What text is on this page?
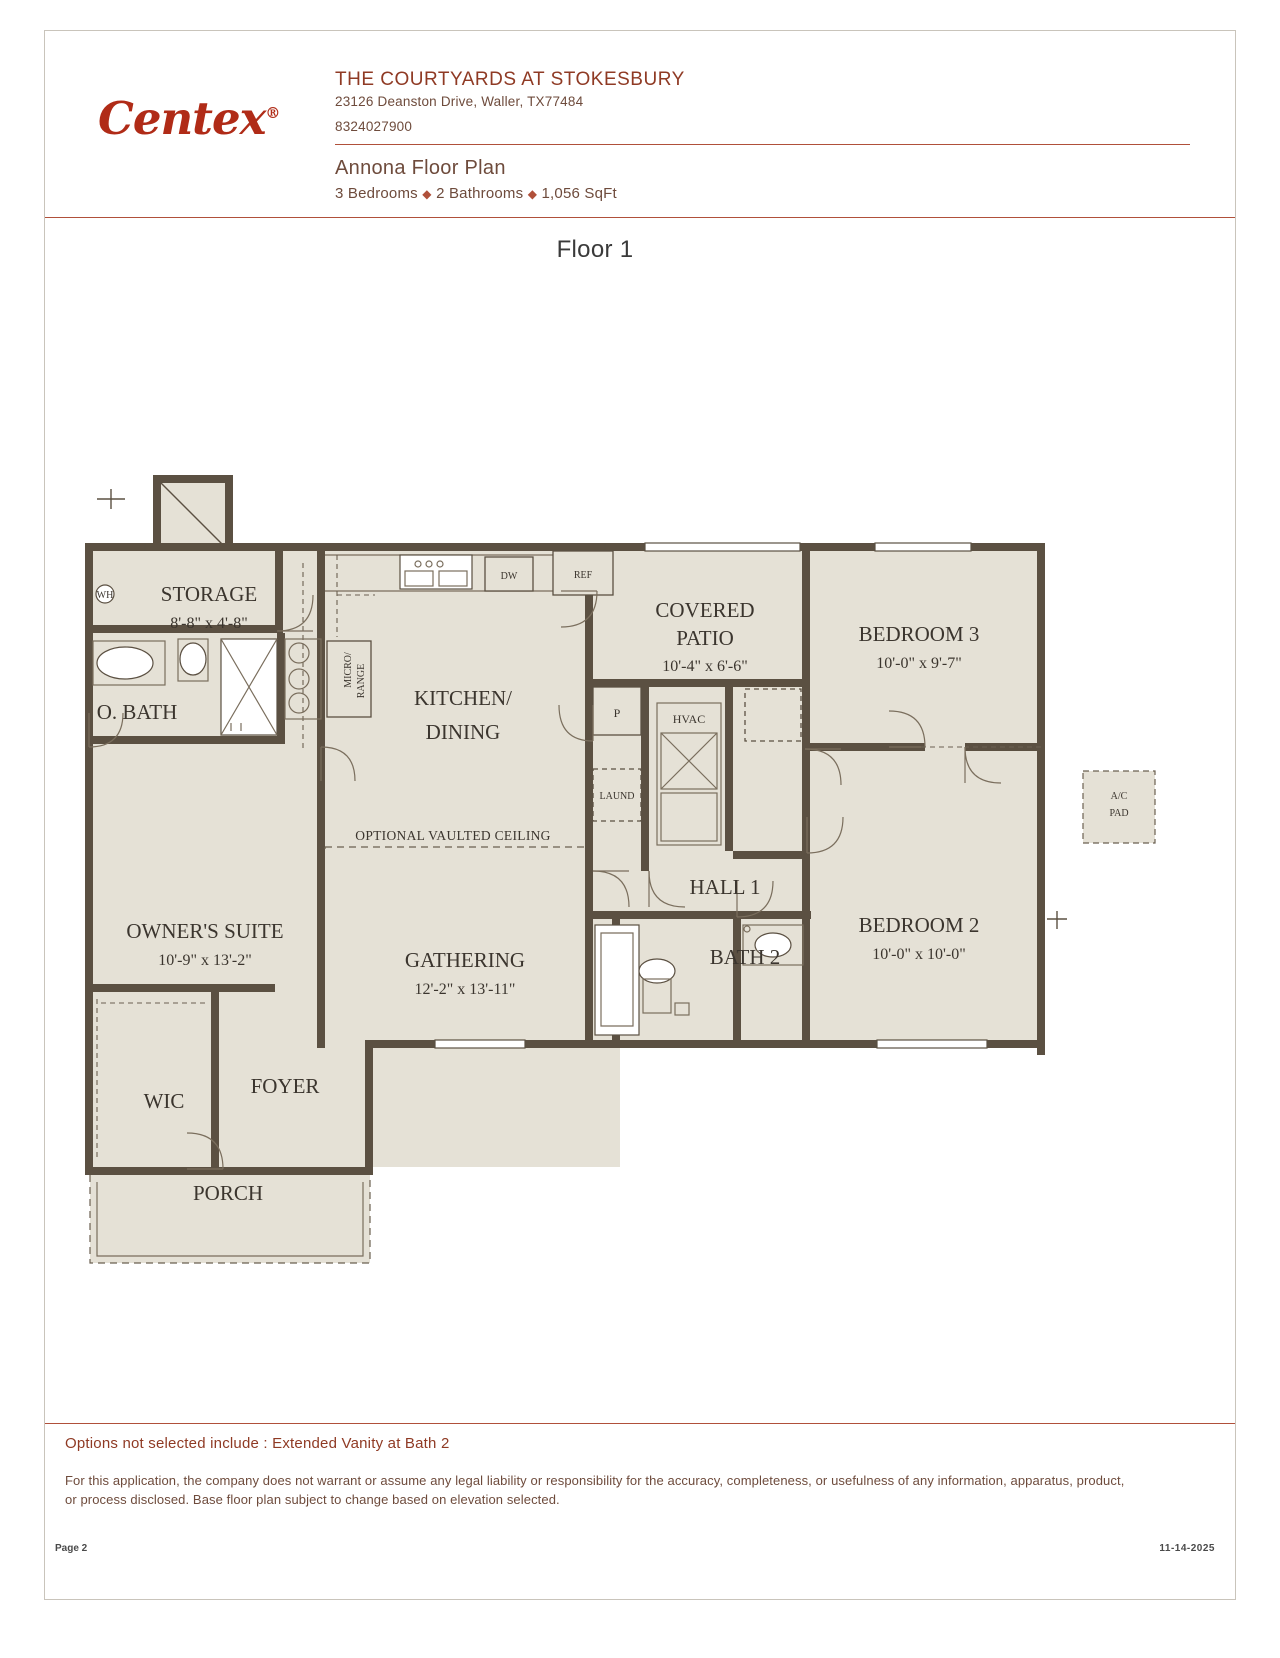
Centex®
THE COURTYARDS AT STOKESBURY
23126 Deanston Drive, Waller, TX77484
8324027900
Annona Floor Plan
3 Bedrooms ◆ 2 Bathrooms ◆ 1,056 SqFt
Floor 1
A/C
PAD
DW	REF
MICRO/ RANGE
WH
P
LAUND
HVAC
STORAGE
8'-8" x 4'-8"
O. BATH
KITCHEN/
DINING
COVERED
PATIO
10'-4" x 6'-6"
BEDROOM 3
10'-0" x 9'-7"
BEDROOM 2
10'-0" x 10'-0"
OWNER'S SUITE
10'-9" x 13'-2"	GATHERING
12'-2" x 13'-11"
HALL 1
BATH 2
WIC
FOYER
PORCH
OPTIONAL VAULTED CEILING
Options not selected include : Extended Vanity at Bath 2
For this application, the company does not warrant or assume any legal liability or responsibility for the accuracy, completeness, or usefulness of any information, apparatus, product, or process disclosed. Base floor plan subject to change based on elevation selected.
Page 2	11-14-2025
